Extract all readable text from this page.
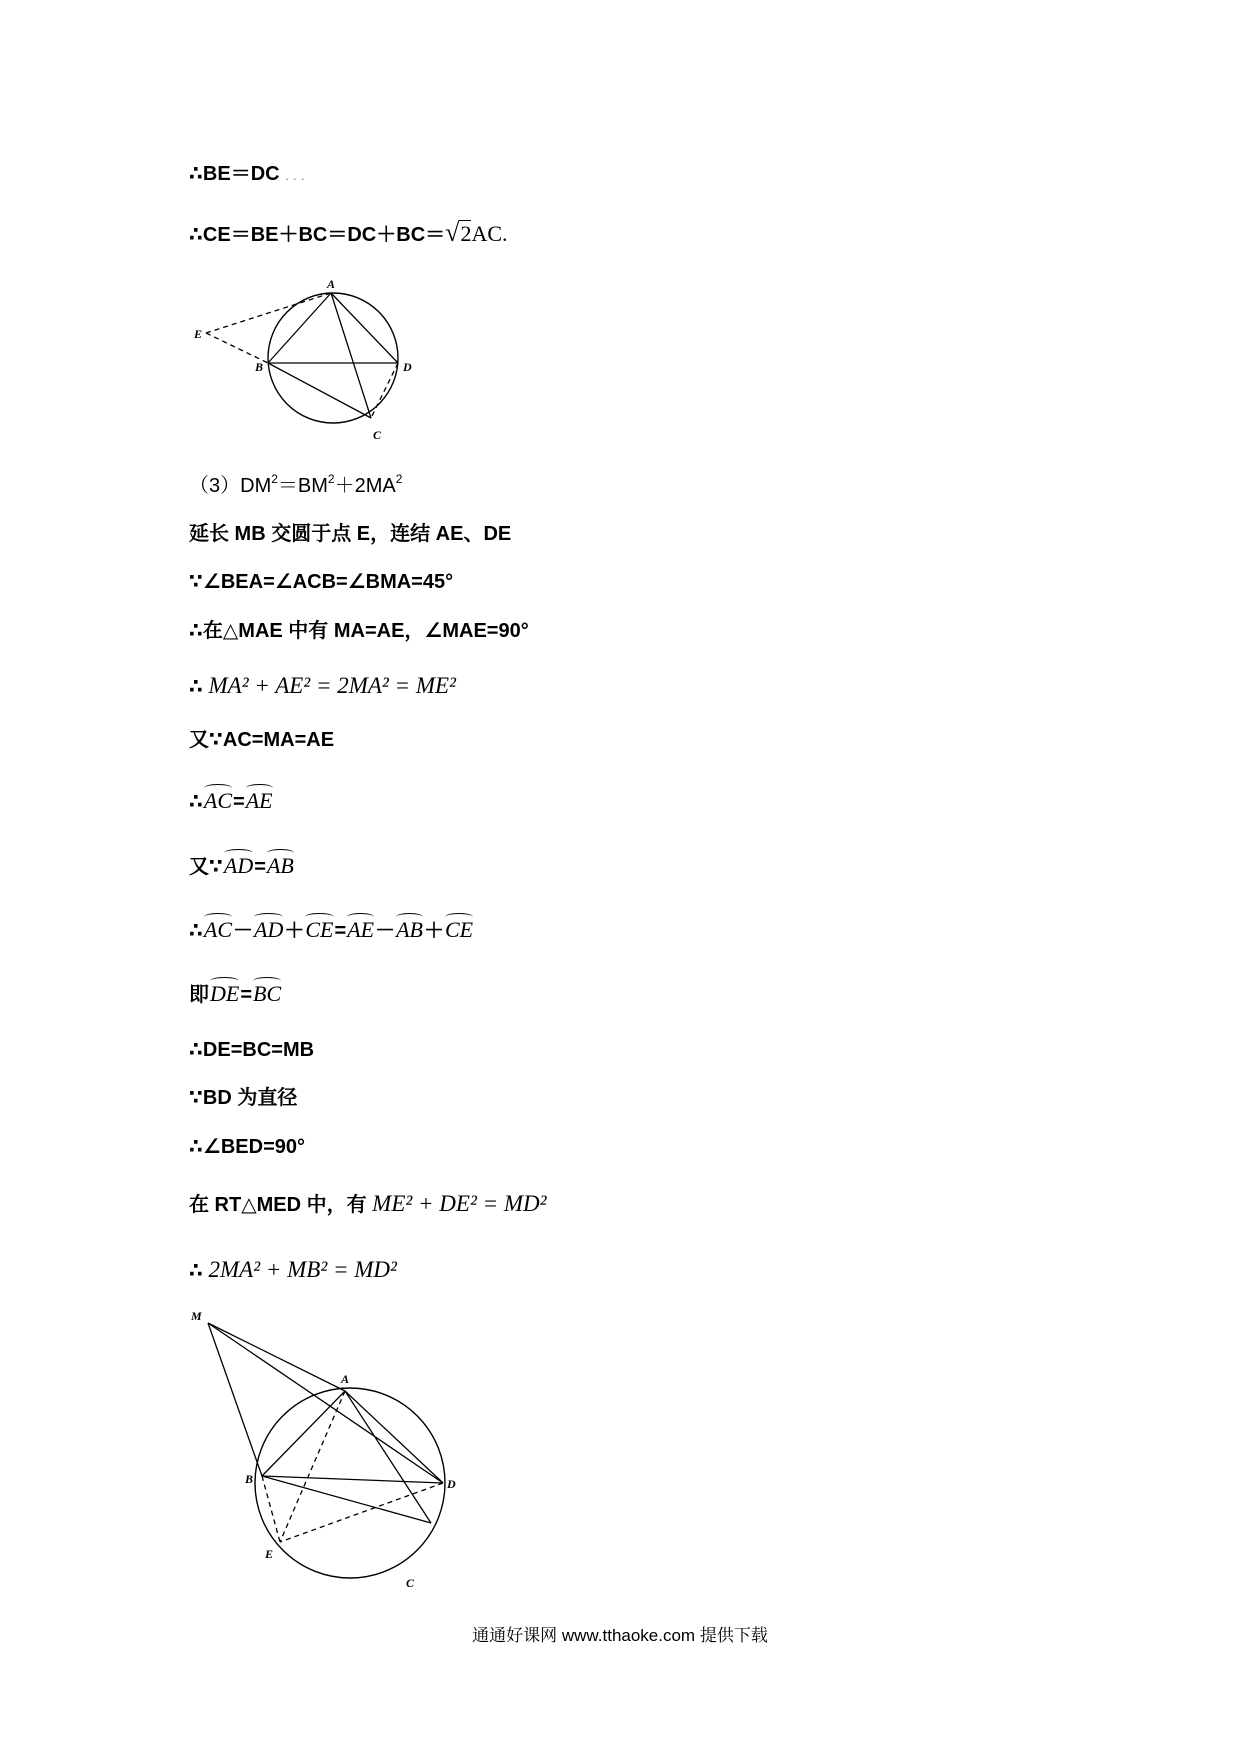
∴BE＝DC . . .
∴CE＝BE＋BC＝DC＋BC＝√2AC.
A
E
B	D
C
$(3)DM^2=BM^2+2MA^2$
延长 MB 交圆于点 E，连结 AE、DE
∵∠BEA=∠ACB=∠BMA=45°
∴在△MAE 中有 MA=AE，∠MAE=90°
∴ MA² + AE² = 2MA² = ME²
又∵AC=MA=AE
∴AC=AE
又∵AD=AB
∴AC－AD＋CE=AE－AB＋CE
即DE=BC
∴DE=BC=MB
∵BD 为直径
∴∠BED=90°
在 RT△MED 中，有 ME² + DE² = MD²
∴ 2MA² + MB² = MD²
M
A
B	D
E
C
通通好课网 www.tthaoke.com 提供下载
